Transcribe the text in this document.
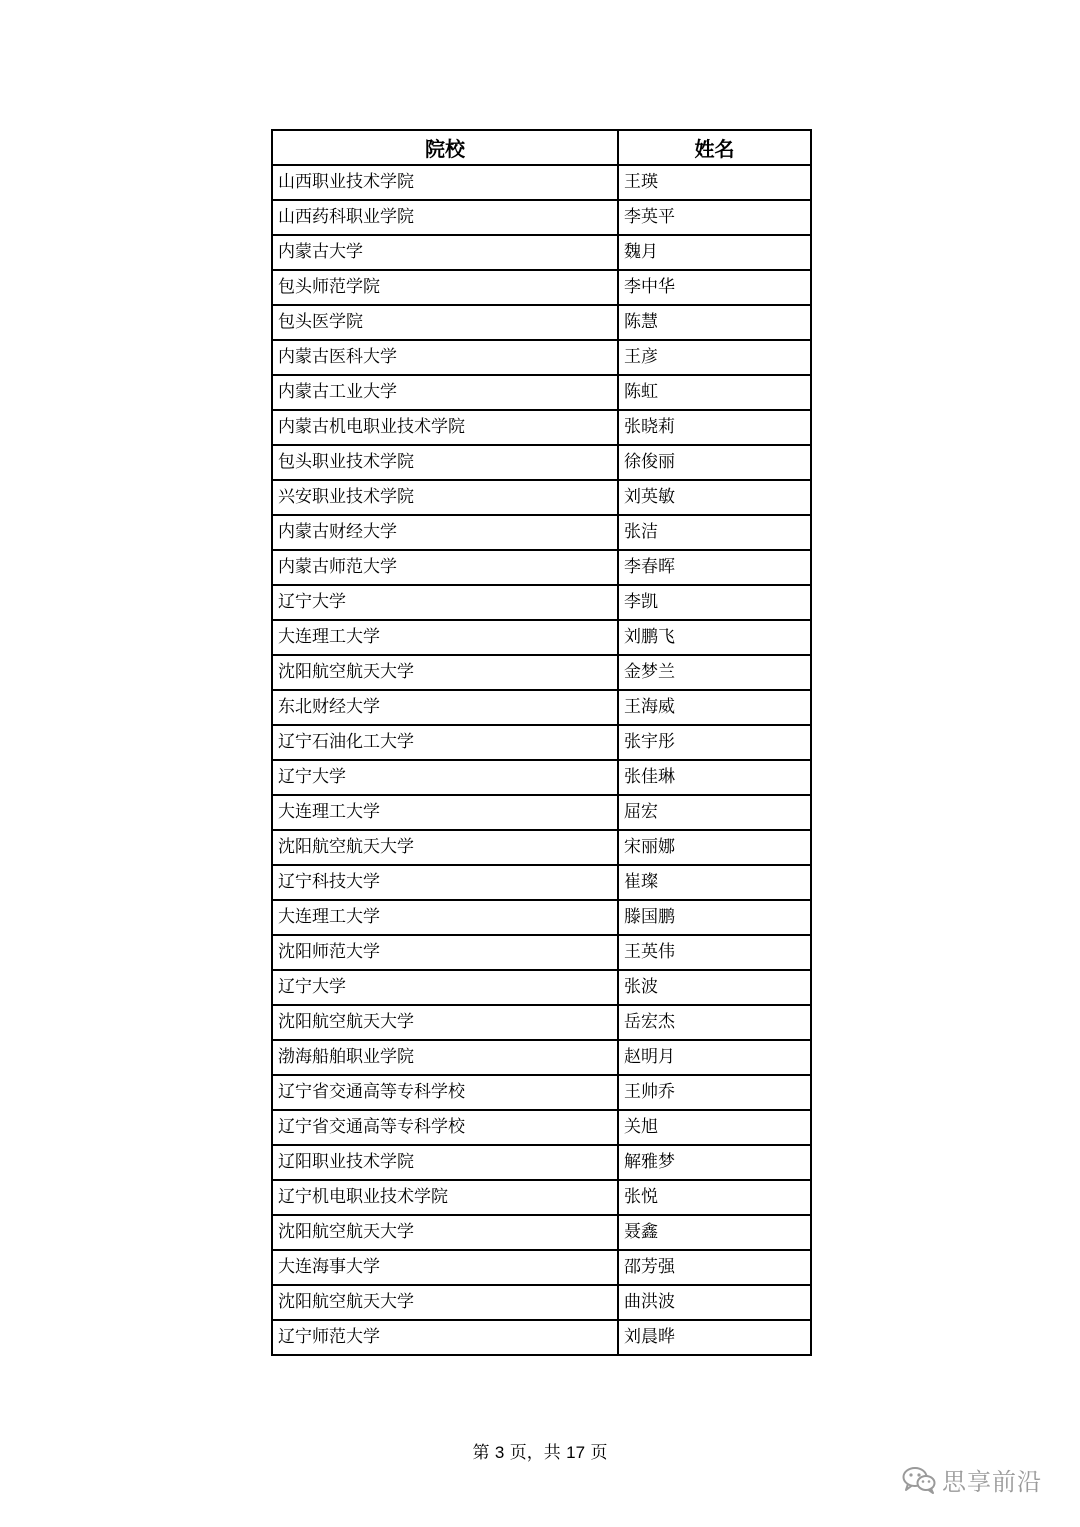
院校	姓名
山西职业技术学院	王瑛
山西药科职业学院	李英平
内蒙古大学	魏月
包头师范学院	李中华
包头医学院	陈慧
内蒙古医科大学	王彦
内蒙古工业大学	陈虹
内蒙古机电职业技术学院	张晓莉
包头职业技术学院	徐俊丽
兴安职业技术学院	刘英敏
内蒙古财经大学	张洁
内蒙古师范大学	李春晖
辽宁大学	李凯
大连理工大学	刘鹏飞
沈阳航空航天大学	金梦兰
东北财经大学	王海威
辽宁石油化工大学	张宇彤
辽宁大学	张佳琳
大连理工大学	屈宏
沈阳航空航天大学	宋丽娜
辽宁科技大学	崔璨
大连理工大学	滕国鹏
沈阳师范大学	王英伟
辽宁大学	张波
沈阳航空航天大学	岳宏杰
渤海船舶职业学院	赵明月
辽宁省交通高等专科学校	王帅乔
辽宁省交通高等专科学校	关旭
辽阳职业技术学院	解雅梦
辽宁机电职业技术学院	张悦
沈阳航空航天大学	聂鑫
大连海事大学	邵芳强
沈阳航空航天大学	曲洪波
辽宁师范大学	刘晨晔
第 3 页，共 17 页
思享前沿
